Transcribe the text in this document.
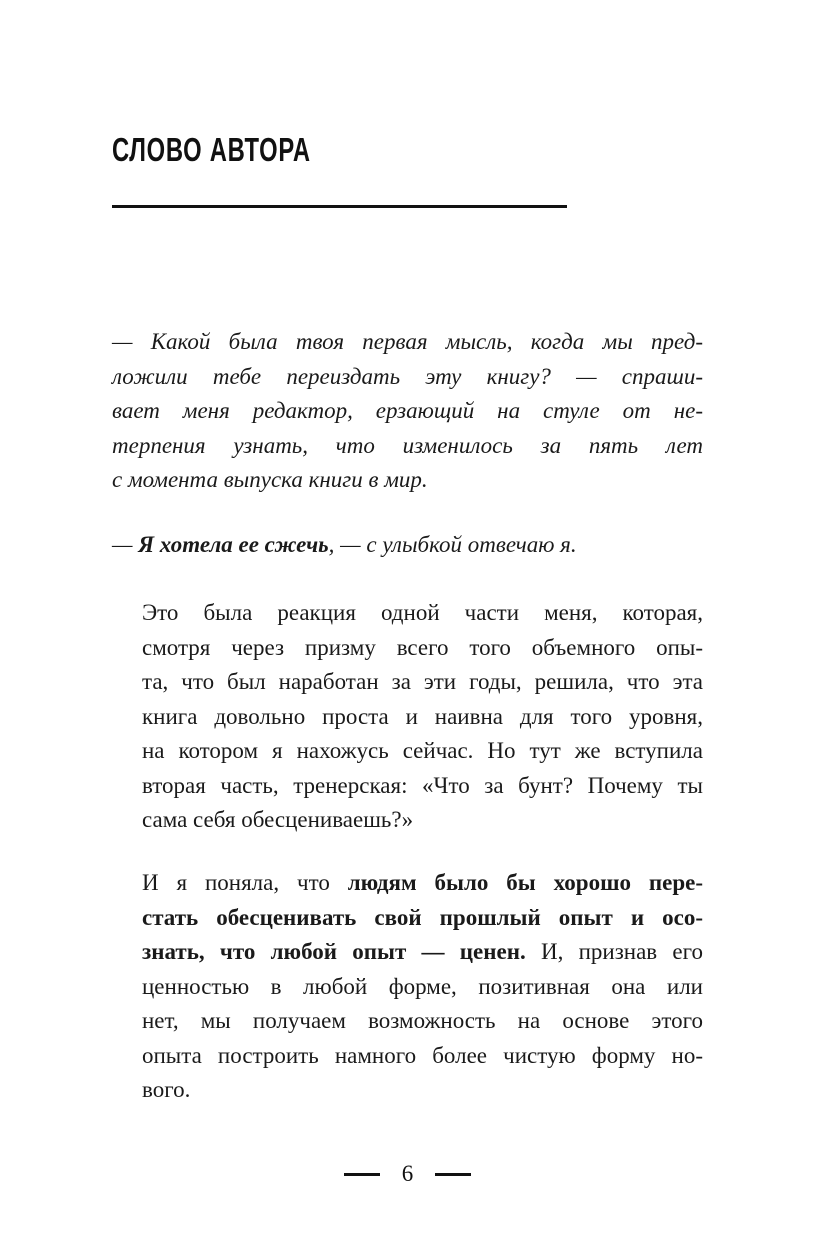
СЛОВО АВТОРА

— Какой была твоя первая мысль, когда мы пред-
ложили тебе переиздать эту книгу? — спраши-
вает меня редактор, ерзающий на стуле от не-
терпения узнать, что изменилось за пять лет
с момента выпуска книги в мир.

— Я хотела ее сжечь, — с улыбкой отвечаю я.

Это была реакция одной части меня, которая,
смотря через призму всего того объемного опы-
та, что был наработан за эти годы, решила, что эта
книга довольно проста и наивна для того уровня,
на котором я нахожусь сейчас. Но тут же вступила
вторая часть, тренерская: «Что за бунт? Почему ты
сама себя обесцениваешь?»

И я поняла, что людям было бы хорошо пере-
стать обесценивать свой прошлый опыт и осо-
знать, что любой опыт — ценен. И, признав его
ценностью в любой форме, позитивная она или
нет, мы получаем возможность на основе этого
опыта построить намного более чистую форму но-
вого.

6
